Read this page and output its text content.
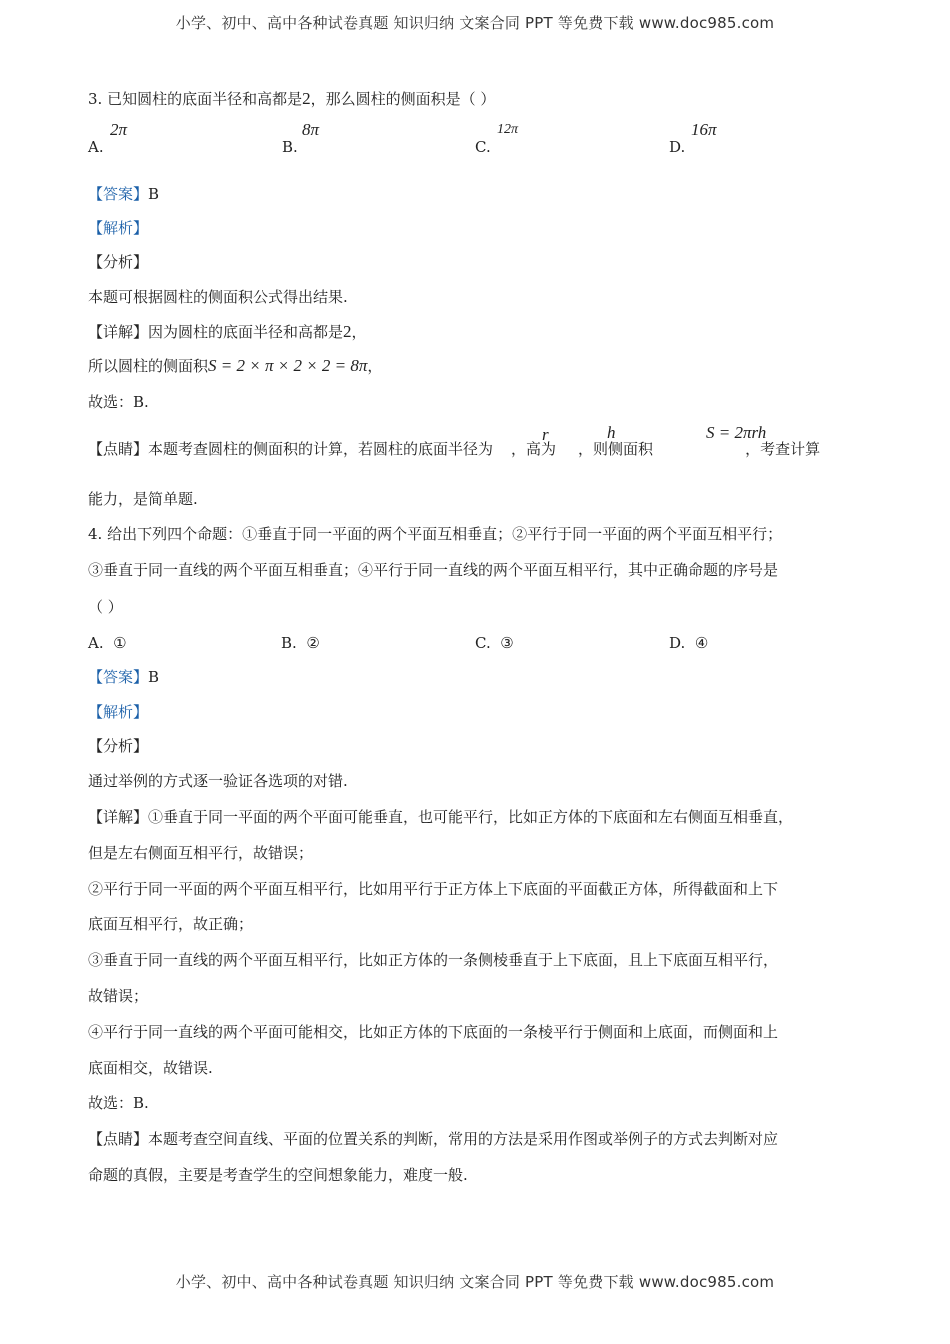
小学、初中、高中各种试卷真题 知识归纳 文案合同 PPT 等免费下载 www.doc985.com
3. 已知圆柱的底面半径和高都是2，那么圆柱的侧面积是（ ）
A.
2π
B.
8π
C.
12π
D.
16π
【答案】B
【解析】
【分析】
本题可根据圆柱的侧面积公式得出结果.
【详解】因为圆柱的底面半径和高都是2，
所以圆柱的侧面积S = 2 × π × 2 × 2 = 8π，
故选：B.
【点睛】本题考查圆柱的侧面积的计算，若圆柱的底面半径为 ，高为 ，则侧面积	，考查计算
r	h	S = 2πrh
能力，是简单题.
4. 给出下列四个命题：①垂直于同一平面的两个平面互相垂直；②平行于同一平面的两个平面互相平行；
③垂直于同一直线的两个平面互相垂直；④平行于同一直线的两个平面互相平行，其中正确命题的序号是
（ ）
A. ①	B. ②	C. ③	D. ④
【答案】B
【解析】
【分析】
通过举例的方式逐一验证各选项的对错.
【详解】①垂直于同一平面的两个平面可能垂直，也可能平行，比如正方体的下底面和左右侧面互相垂直，
但是左右侧面互相平行，故错误；
②平行于同一平面的两个平面互相平行，比如用平行于正方体上下底面的平面截正方体，所得截面和上下
底面互相平行，故正确；
③垂直于同一直线的两个平面互相平行，比如正方体的一条侧棱垂直于上下底面，且上下底面互相平行，
故错误；
④平行于同一直线的两个平面可能相交，比如正方体的下底面的一条棱平行于侧面和上底面，而侧面和上
底面相交，故错误.
故选：B.
【点睛】本题考查空间直线、平面的位置关系的判断，常用的方法是采用作图或举例子的方式去判断对应
命题的真假，主要是考查学生的空间想象能力，难度一般.
小学、初中、高中各种试卷真题 知识归纳 文案合同 PPT 等免费下载 www.doc985.com
